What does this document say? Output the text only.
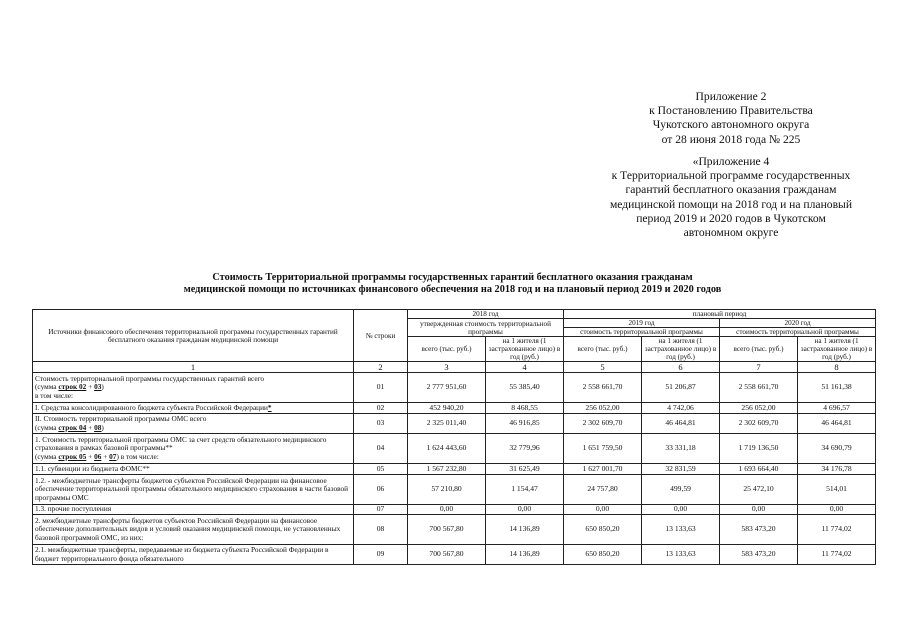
Приложение 2
к Постановлению Правительства
Чукотского автономного округа
от 28 июня 2018 года № 225
«Приложение 4
к Территориальной программе государственных
гарантий бесплатного оказания гражданам
медицинской помощи на 2018 год и на плановый
период 2019 и 2020 годов в Чукотском
автономном округе
Стоимость Территориальной программы государственных гарантий бесплатного оказания гражданам
медицинской помощи по источниках финансового обеспечения на 2018 год и на плановый период 2019 и 2020 годов
Источники финансового обеспечения территориальной программы государственных гарантий бесплатного оказания гражданам медицинской помощи	№ строки	2018 год		плановый период			
		утвержденная стоимость территориальной программы		2019 год		2020 год	
				стоимость территориальной программы		стоимость территориальной программы	
		всего (тыс. руб.)	на 1 жителя (1 застрахованное лицо) в год (руб.)	всего (тыс. руб.)	на 1 жителя (1 застрахованное лицо) в год (руб.)	всего (тыс. руб.)	на 1 жителя (1 застрахованное лицо) в год (руб.)
1	2	3	4	5	6	7	8

Стоимость территориальной программы государственных гарантий всего
(сумма строк 02 + 03)
в том числе:	01	2 777 951,60	55 385,40	2 558 661,70	51 206,87	2 558 661,70	51 161,38
I. Средства консолидированного бюджета субъекта Российской Федерации*	02	452 940,20	8 468,55	256 052,00	4 742,06	256 052,00	4 696,57

II. Стоимость территориальной программы ОМС всего
(сумма строк 04 + 08)	03	2 325 011,40	46 916,85	2 302 609,70	46 464,81	2 302 609,70	46 464,81

1. Стоимость территориальной программы ОМС за счет средств обязательного медицинского страхования в рамках базовой программы**
(сумма строк 05 + 06 + 07) в том числе:	04	1 624 443,60	32 779,96	1 651 759,50	33 331,18	1 719 136,50	34 690,79
1.1. субвенции из бюджета ФОМС**	05	1 567 232,80	31 625,49	1 627 001,70	32 831,59	1 693 664,40	34 176,78
1.2. - межбюджетные трансферты бюджетов субъектов Российской Федерации на финансовое обеспечение территориальной программы обязательного медицинского страхования в части базовой программы ОМС	06	57 210,80	1 154,47	24 757,80	499,59	25 472,10	514,01
1.3. прочие поступления	07	0,00	0,00	0,00	0,00	0,00	0,00
2. межбюджетные трансферты бюджетов субъектов Российской Федерации на финансовое обеспечение дополнительных видов и условий оказания медицинской помощи, не установленных базовой программой ОМС, из них:	08	700 567,80	14 136,89	650 850,20	13 133,63	583 473,20	11 774,02
2.1. межбюджетные трансферты, передаваемые из бюджета субъекта Российской Федерации в бюджет территориального фонда обязательного	09	700 567,80	14 136,89	650 850,20	13 133,63	583 473,20	11 774,02
